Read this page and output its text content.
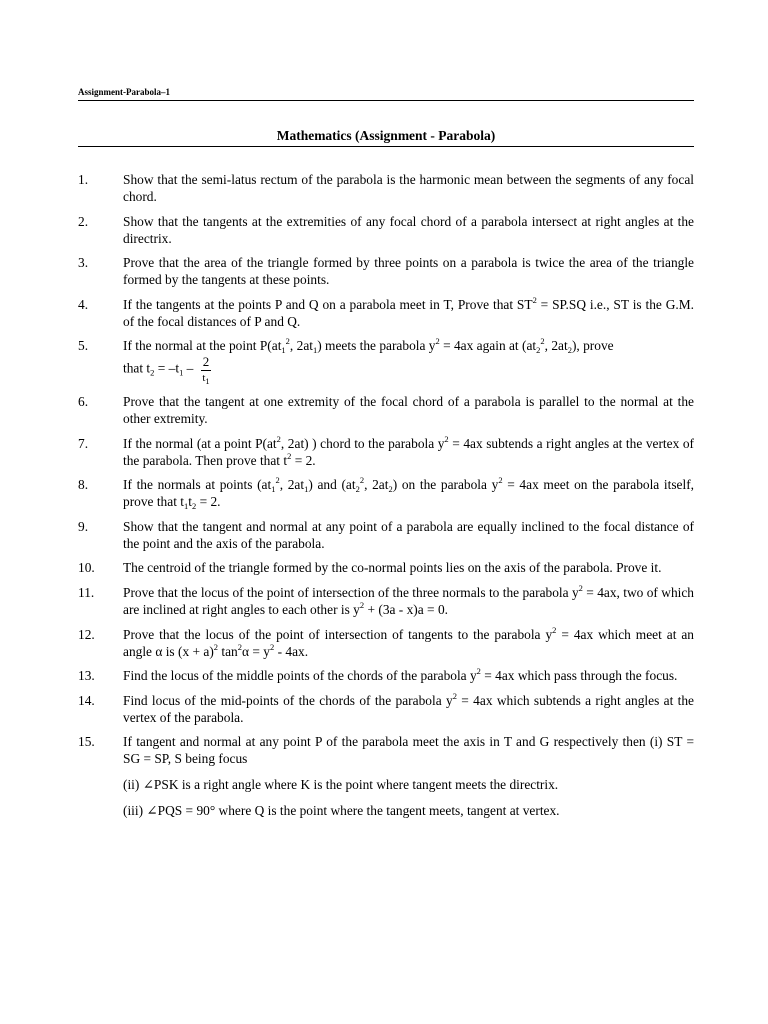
Assignment-Parabola–1
Mathematics (Assignment - Parabola)
1.	Show that the semi-latus rectum of the parabola is the harmonic mean between the segments of any focal chord.
2.	Show that the tangents at the extremities of any focal chord of a parabola intersect at right angles at the directrix.
3.	Prove that the area of the triangle formed by three points on a parabola is twice the area of the triangle formed by the tangents at these points.
4.	If the tangents at the points P and Q on a parabola meet in T, Prove that $ST^2 = SP.SQ$ i.e., ST is the G.M. of the focal distances of P and Q.
5.	If the normal at the point $P(at_1^2$, $2at_1$) meets the parabola $y^2 = 4ax$ again at ($at_2^2$, $2at_2$), prove
that $t_2 = -t_1 - \frac{2}{t_1}$
6.	Prove that the tangent at one extremity of the focal chord of a parabola is parallel to the normal at the other extremity.
7.	If the normal (at a point $P(at^2$, 2at) ) chord to the parabola $y^2 = 4ax$ subtends a right angles at the vertex of the parabola. Then prove that $t^2 = 2$.
8.	If the normals at points ($at_1^2$, $2at_1$) and ($at_2^2$, $2at_2$) on the parabola $y^2 = 4ax$ meet on the parabola itself, prove that $t_1t_2 = 2$.
9.	Show that the tangent and normal at any point of a parabola are equally inclined to the focal distance of the point and the axis of the parabola.
10.	The centroid of the triangle formed by the co-normal points lies on the axis of the parabola. Prove it.
11.	Prove that the locus of the point of intersection of the three normals to the parabola $y^2 = 4ax$, two of which are inclined at right angles to each other is $y^2 + (3a - x)a = 0$.
12.	Prove that the locus of the point of intersection of tangents to the parabola $y^2 = 4ax$ which meet at an angle α is $(x + a)^2$ $\tan^2\alpha = y^2 - 4ax$.
13.	Find the locus of the middle points of the chords of the parabola $y^2 = 4ax$ which pass through the focus.
14.	Find locus of the mid-points of the chords of the parabola $y^2 = 4ax$ which subtends a right angles at the vertex of the parabola.
15.	If tangent and normal at any point P of the parabola meet the axis in T and G respectively then (i) ST = SG = SP, S being focus
(ii) ∠PSK is a right angle where K is the point where tangent meets the directrix.
(iii) ∠PQS = 90° where Q is the point where the tangent meets, tangent at vertex.
